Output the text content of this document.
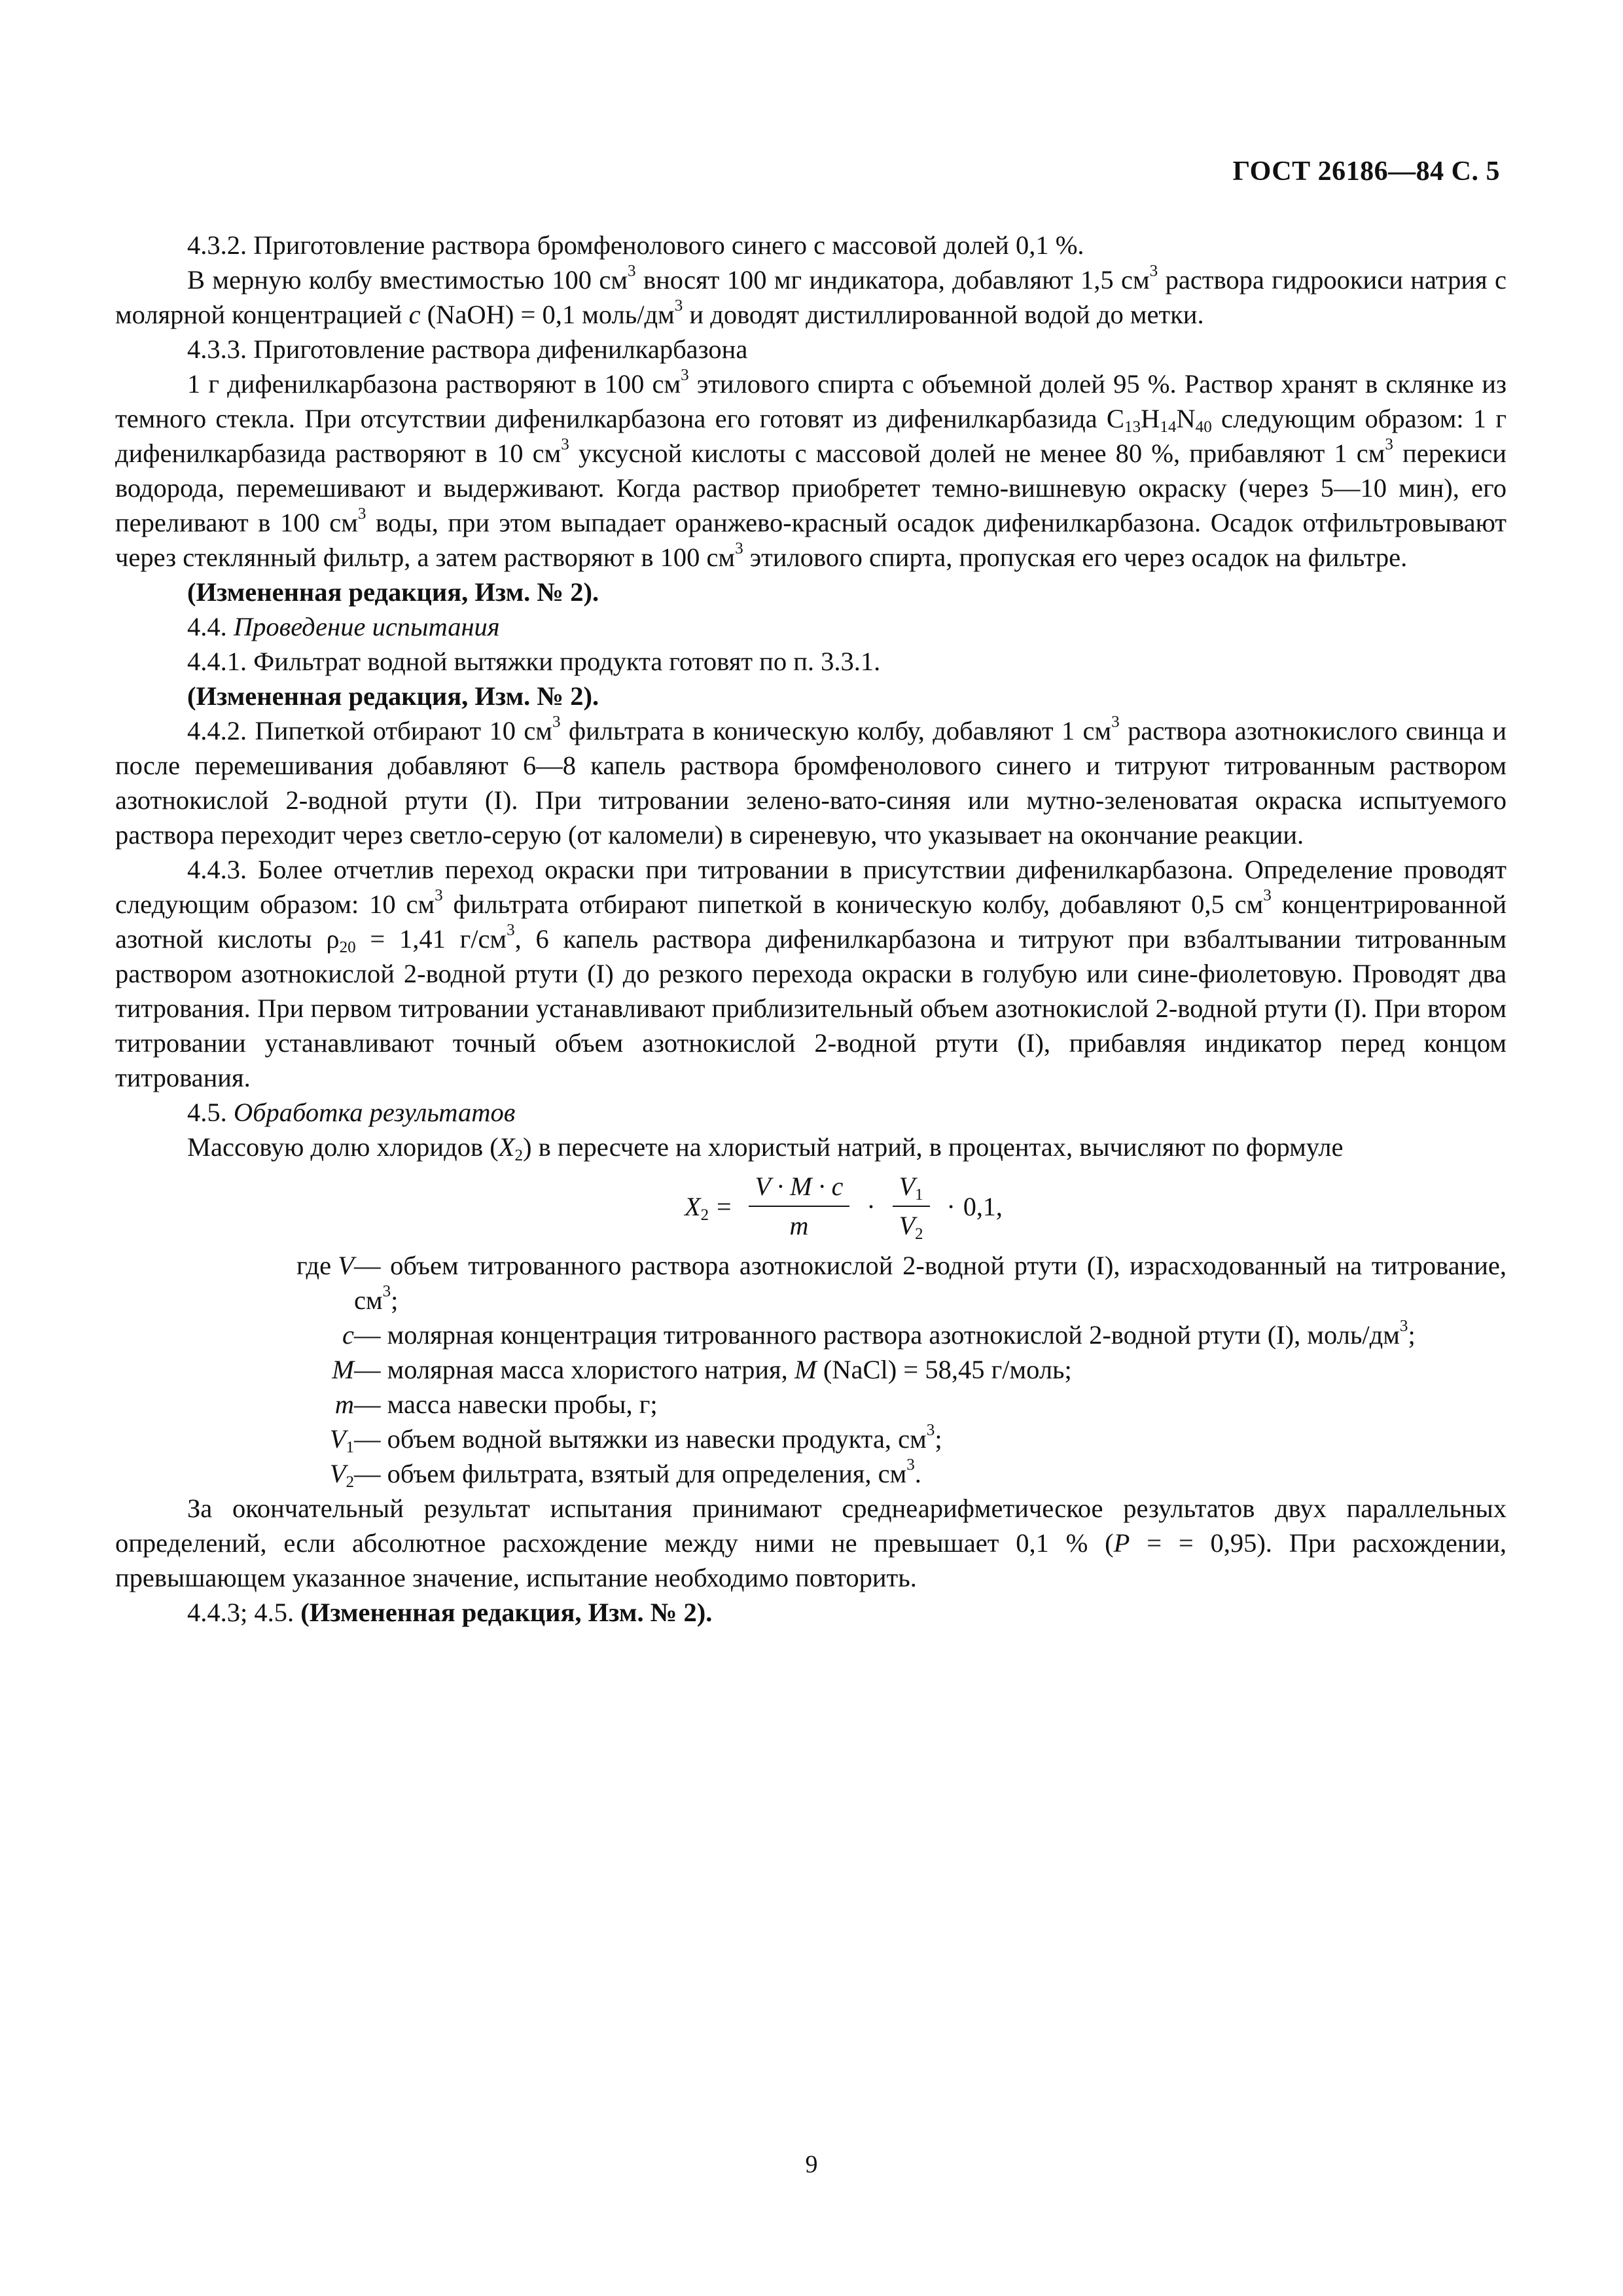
ГОСТ 26186—84 С. 5

4.3.2. Приготовление раствора бромфенолового синего с массовой долей 0,1 %.

В мерную колбу вместимостью 100 $см^3$ вносят 100 мг индикатора, добавляют 1,5 $см^3$ раствора гидроокиси натрия с молярной концентрацией c (NaOH) = 0,1 моль/$дм^3$ и доводят дистиллированной водой до метки.

4.3.3. Приготовление раствора дифенилкарбазона

1 г дифенилкарбазона растворяют в 100 $см^3$ этилового спирта с объемной долей 95 %. Раствор хранят в склянке из темного стекла. При отсутствии дифенилкарбазона его готовят из дифенилкарбазида $C_{13}H_{14}N_{40}$ следующим образом: 1 г дифенилкарбазида растворяют в 10 $см^3$ уксусной кислоты с массовой долей не менее 80 %, прибавляют 1 $см^3$ перекиси водорода, перемешивают и выдерживают. Когда раствор приобретет темно-вишневую окраску (через 5—10 мин), его переливают в 100 $см^3$ воды, при этом выпадает оранжево-красный осадок дифенилкарбазона. Осадок отфильтровывают через стеклянный фильтр, а затем растворяют в 100 $см^3$ этилового спирта, пропуская его через осадок на фильтре.

(Измененная редакция, Изм. № 2).

4.4. Проведение испытания

4.4.1. Фильтрат водной вытяжки продукта готовят по п. 3.3.1.

(Измененная редакция, Изм. № 2).

4.4.2. Пипеткой отбирают 10 $см^3$ фильтрата в коническую колбу, добавляют 1 $см^3$ раствора азотнокислого свинца и после перемешивания добавляют 6—8 капель раствора бромфенолового синего и титруют титрованным раствором азотнокислой 2-водной ртути (I). При титровании зелено-вато-синяя или мутно-зеленоватая окраска испытуемого раствора переходит через светло-серую (от каломели) в сиреневую, что указывает на окончание реакции.

4.4.3. Более отчетлив переход окраски при титровании в присутствии дифенилкарбазона. Определение проводят следующим образом: 10 $см^3$ фильтрата отбирают пипеткой в коническую колбу, добавляют 0,5 $см^3$ концентрированной азотной кислоты $\rho_{20} = 1,41$ $г/см^3$, 6 капель раствора дифенилкарбазона и титруют при взбалтывании титрованным раствором азотнокислой 2-водной ртути (I) до резкого перехода окраски в голубую или сине-фиолетовую. Проводят два титрования. При первом титровании устанавливают приблизительный объем азотнокислой 2-водной ртути (I). При втором титровании устанавливают точный объем азотнокислой 2-водной ртути (I), прибавляя индикатор перед концом титрования.

4.5. Обработка результатов

Массовую долю хлоридов $(X_2)$ в пересчете на хлористый натрий, в процентах, вычисляют по формуле

$X_2 = \frac{V \cdot M \cdot c}{m} \cdot \frac{V_1}{V_2} \cdot 0,1$,
где V — объем титрованного раствора азотнокислой 2-водной ртути (I), израсходованный на титрование, $см^3$;
c — молярная концентрация титрованного раствора азотнокислой 2-водной ртути (I), моль/$дм^3$;
M — молярная масса хлористого натрия, M (NaCl) = 58,45 г/моль;
m — масса навески пробы, г;
$V_1$ — объем водной вытяжки из навески продукта, $см^3$;
$V_2$ — объем фильтрата, взятый для определения, $см^3$.

За окончательный результат испытания принимают среднеарифметическое результатов двух параллельных определений, если абсолютное расхождение между ними не превышает 0,1 % (P = = 0,95). При расхождении, превышающем указанное значение, испытание необходимо повторить.

4.4.3; 4.5. (Измененная редакция, Изм. № 2).

9
